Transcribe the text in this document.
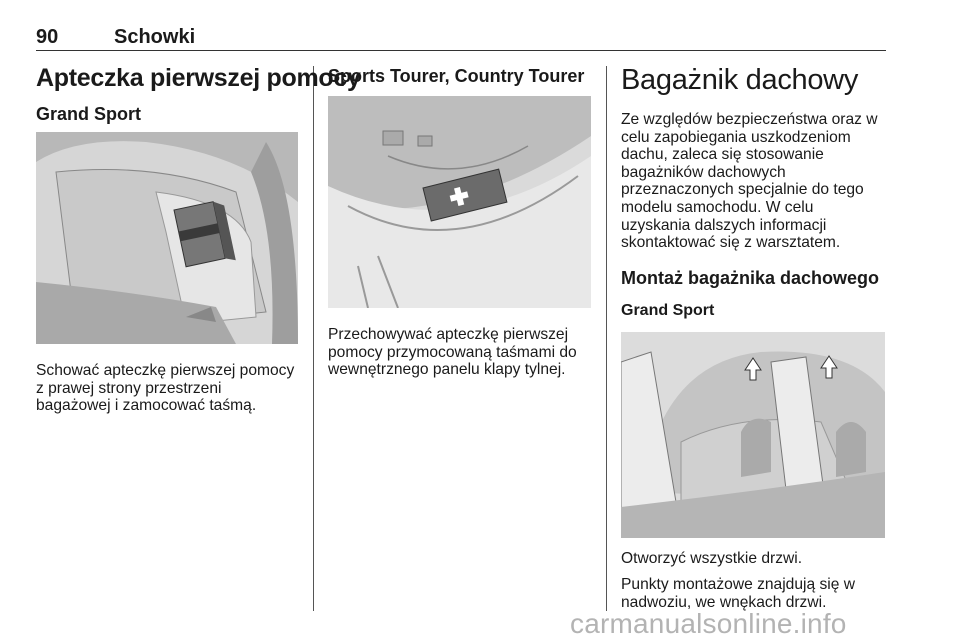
90	Schowki
Apteczka pierwszej pomocy
Grand Sport
Schować apteczkę pierwszej pomocy
z prawej strony przestrzeni
bagażowej i zamocować taśmą.
Sports Tourer, Country Tourer
Przechowywać apteczkę pierwszej
pomocy przymocowaną taśmami do
wewnętrznego panelu klapy tylnej.
Bagażnik dachowy
Ze względów bezpieczeństwa oraz w
celu zapobiegania uszkodzeniom
dachu, zaleca się stosowanie
bagażników dachowych
przeznaczonych specjalnie do tego
modelu samochodu. W celu
uzyskania dalszych informacji
skontaktować się z warsztatem.
Montaż bagażnika dachowego
Grand Sport
Otworzyć wszystkie drzwi.
Punkty montażowe znajdują się w
nadwoziu, we wnękach drzwi.
carmanualsonline.info
